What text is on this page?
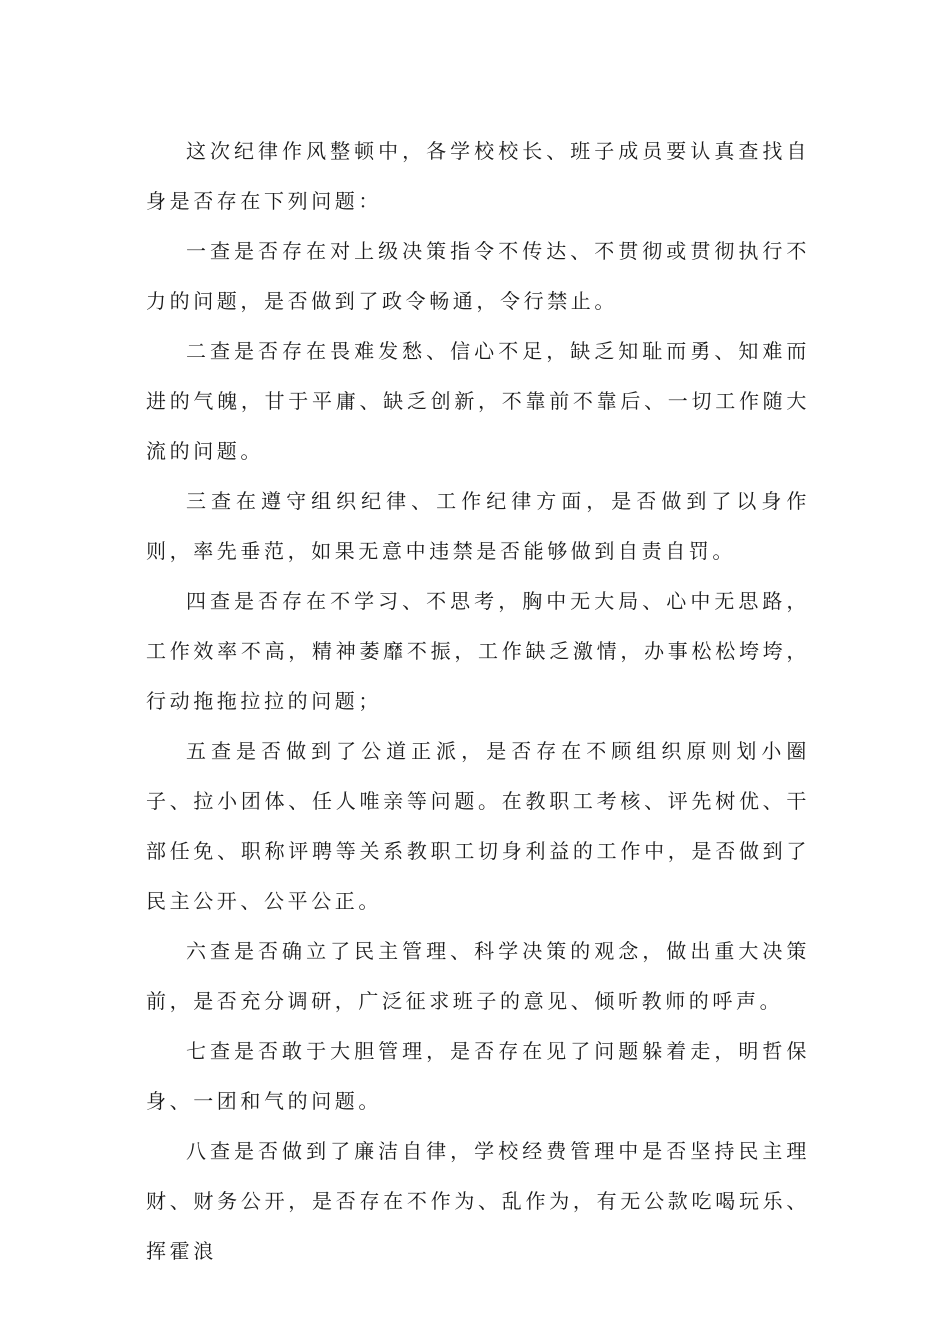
这次纪律作风整顿中，各学校校长、班子成员要认真查找自身是否存在下列问题：

一查是否存在对上级决策指令不传达、不贯彻或贯彻执行不力的问题，是否做到了政令畅通，令行禁止。

二查是否存在畏难发愁、信心不足，缺乏知耻而勇、知难而进的气魄，甘于平庸、缺乏创新，不靠前不靠后、一切工作随大流的问题。

三查在遵守组织纪律、工作纪律方面，是否做到了以身作则，率先垂范，如果无意中违禁是否能够做到自责自罚。

四查是否存在不学习、不思考，胸中无大局、心中无思路，工作效率不高，精神萎靡不振，工作缺乏激情，办事松松垮垮，行动拖拖拉拉的问题；

五查是否做到了公道正派，是否存在不顾组织原则划小圈子、拉小团体、任人唯亲等问题。在教职工考核、评先树优、干部任免、职称评聘等关系教职工切身利益的工作中，是否做到了民主公开、公平公正。

六查是否确立了民主管理、科学决策的观念，做出重大决策前，是否充分调研，广泛征求班子的意见、倾听教师的呼声。

七查是否敢于大胆管理，是否存在见了问题躲着走，明哲保身、一团和气的问题。

八查是否做到了廉洁自律，学校经费管理中是否坚持民主理财、财务公开，是否存在不作为、乱作为，有无公款吃喝玩乐、挥霍浪
